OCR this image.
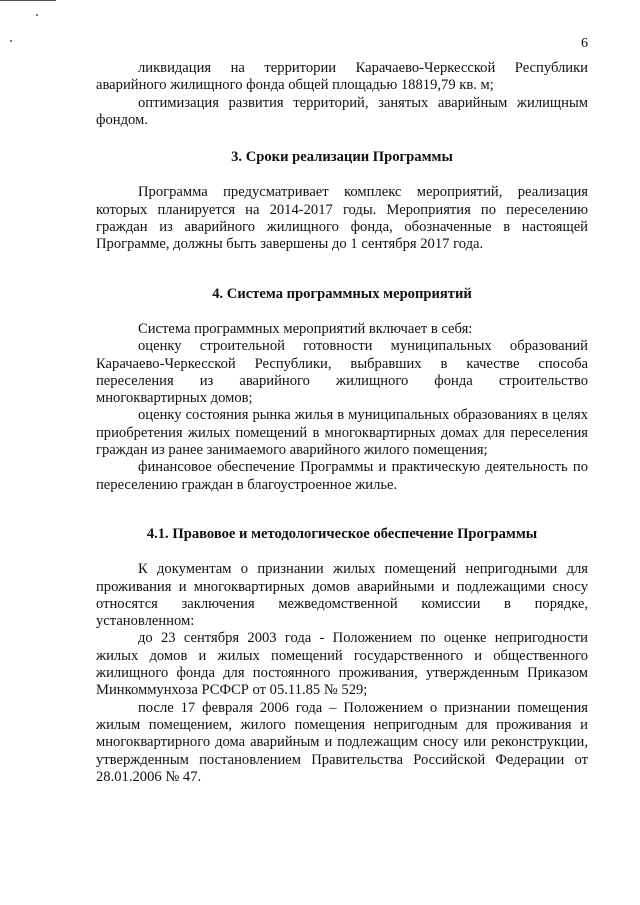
6

ликвидация на территории Карачаево-Черкесской Республики аварийного жилищного фонда общей площадью 18819,79 кв. м;

оптимизация развития территорий, занятых аварийным жилищным фондом.

3. Сроки реализации Программы

Программа предусматривает комплекс мероприятий, реализация которых планируется на 2014-2017 годы. Мероприятия по переселению граждан из аварийного жилищного фонда, обозначенные в настоящей Программе, должны быть завершены до 1 сентября 2017 года.

4. Система программных мероприятий

Система программных мероприятий включает в себя:

оценку строительной готовности муниципальных образований Карачаево-Черкесской Республики, выбравших в качестве способа переселения из аварийного жилищного фонда строительство многоквартирных домов;

оценку состояния рынка жилья в муниципальных образованиях в целях приобретения жилых помещений в многоквартирных домах для переселения граждан из ранее занимаемого аварийного жилого помещения;

финансовое обеспечение Программы и практическую деятельность по переселению граждан в благоустроенное жилье.

4.1. Правовое и методологическое обеспечение Программы

К документам о признании жилых помещений непригодными для проживания и многоквартирных домов аварийными и подлежащими сносу относятся заключения межведомственной комиссии в порядке, установленном:

до 23 сентября 2003 года - Положением по оценке непригодности жилых домов и жилых помещений государственного и общественного жилищного фонда для постоянного проживания, утвержденным Приказом Минкоммунхоза РСФСР от 05.11.85 № 529;

после 17 февраля 2006 года – Положением о признании помещения жилым помещением, жилого помещения непригодным для проживания и многоквартирного дома аварийным и подлежащим сносу или реконструкции, утвержденным постановлением Правительства Российской Федерации от 28.01.2006 № 47.
